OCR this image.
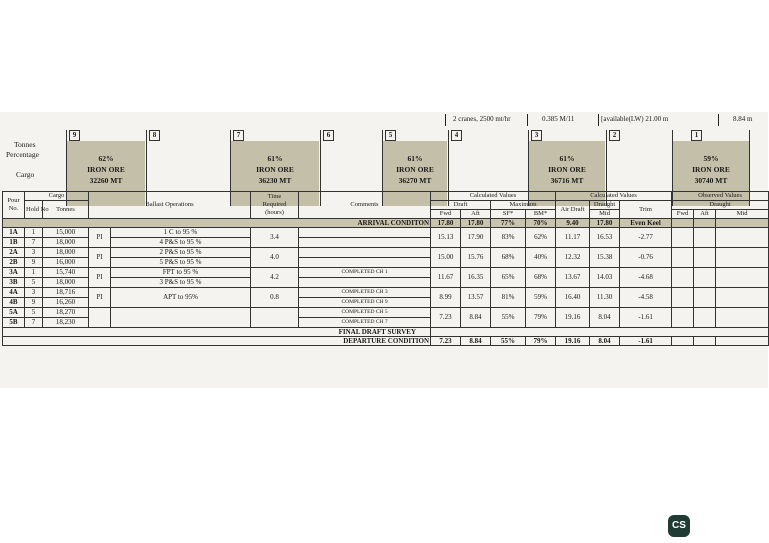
2 cranes, 2500 mt/hr	0.385 M/11	[available(LW) 21.00 m	8.84 m
Tonnes
Percentage
Cargo
9
62%
IRON ORE
32260 MT
8	7
61%
IRON ORE
36230 MT
6	5
61%
IRON ORE
36270 MT
4	3
61%
IRON ORE
36716 MT
2	1
59%
IRON ORE
30740 MT
Pour
No.	Cargo		Ballast Operations		Time
Required
(hours)	Comments	Calculated Values				Calculated Values			Observed Values		
	Hold No	Tonnes					Draft		Maximum		Air Draft	Draught	Trim	Draught		
							Fwd	Aft	SF*	BM*		Mid		Fwd	Aft	Mid
ARRIVAL CONDITON							17.80	17.80	77%	70%	9.40	17.80	Even Keel			
1A	1	15,000	PI	1 C to 95 %	3.4		15.13	17.90	83%	62%	11.17	16.53	-2.77			
1B	7	18,000		4 P&S to 95 %												
2A	3	18,000	PI	2 P&S to 95 %	4.0		15.00	15.76	68%	40%	12.32	15.38	-0.76			
2B	9	16,000		5 P&S to 95 %												
3A	1	15,740	PI	FPT to 95 %	4.2	COMPLETED CH 1	11.67	16.35	65%	68%	13.67	14.03	-4.68			
3B	5	18,000		3 P&S to 95 %												
4A	3	18,716	PI	APT to 95%	0.8	COMPLETED CH 3	8.99	13.57	81%	59%	16.40	11.30	-4.58			
4B	9	16,260				COMPLETED CH 9										
5A	5	18,270				COMPLETED CH 5	7.23	8.84	55%	79%	19.16	8.04	-1.61			
5B	7	18,230				COMPLETED CH 7										
FINAL DRAFT SURVEY																
DEPARTURE CONDITION							7.23	8.84	55%	79%	19.16	8.04	-1.61			
CS
